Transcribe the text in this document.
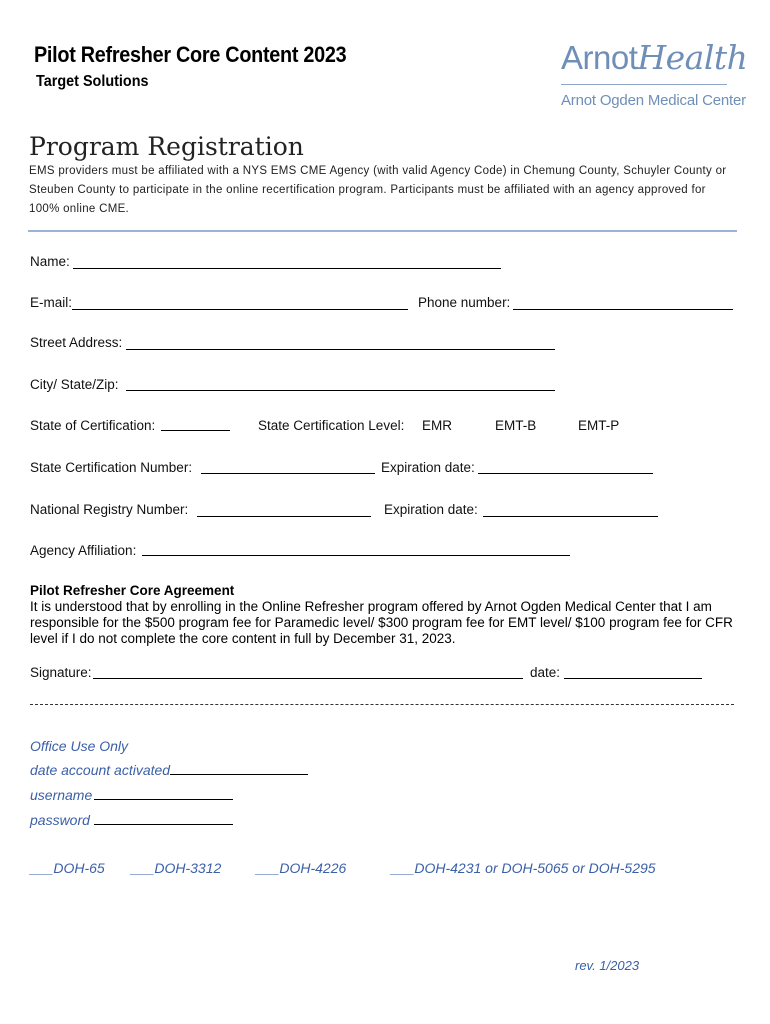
Pilot Refresher Core Content 2023
Target Solutions
ArnotHealth
Arnot Ogden Medical Center
Program Registration
EMS providers must be affiliated with a NYS EMS CME Agency (with valid Agency Code) in Chemung County, Schuyler County or Steuben County to participate in the online recertification program. Participants must be affiliated with an agency approved for 100% online CME.
Name:
E-mail:	Phone number:
Street Address:
City/ State/Zip:
State of Certification:	State Certification Level: EMR	EMT-B	EMT-P
State Certification Number:	Expiration date:
National Registry Number:	Expiration date:
Agency Affiliation:
Pilot Refresher Core Agreement
It is understood that by enrolling in the Online Refresher program offered by Arnot Ogden Medical Center that I am responsible for the $500 program fee for Paramedic level/ $300 program fee for EMT level/ $100 program fee for CFR level if I do not complete the core content in full by December 31, 2023.
Signature:	date:
Office Use Only
date account activated
username
password
___DOH-65 ___DOH-3312 ___DOH-4226	___DOH-4231 or DOH-5065 or DOH-5295
rev. 1/2023
